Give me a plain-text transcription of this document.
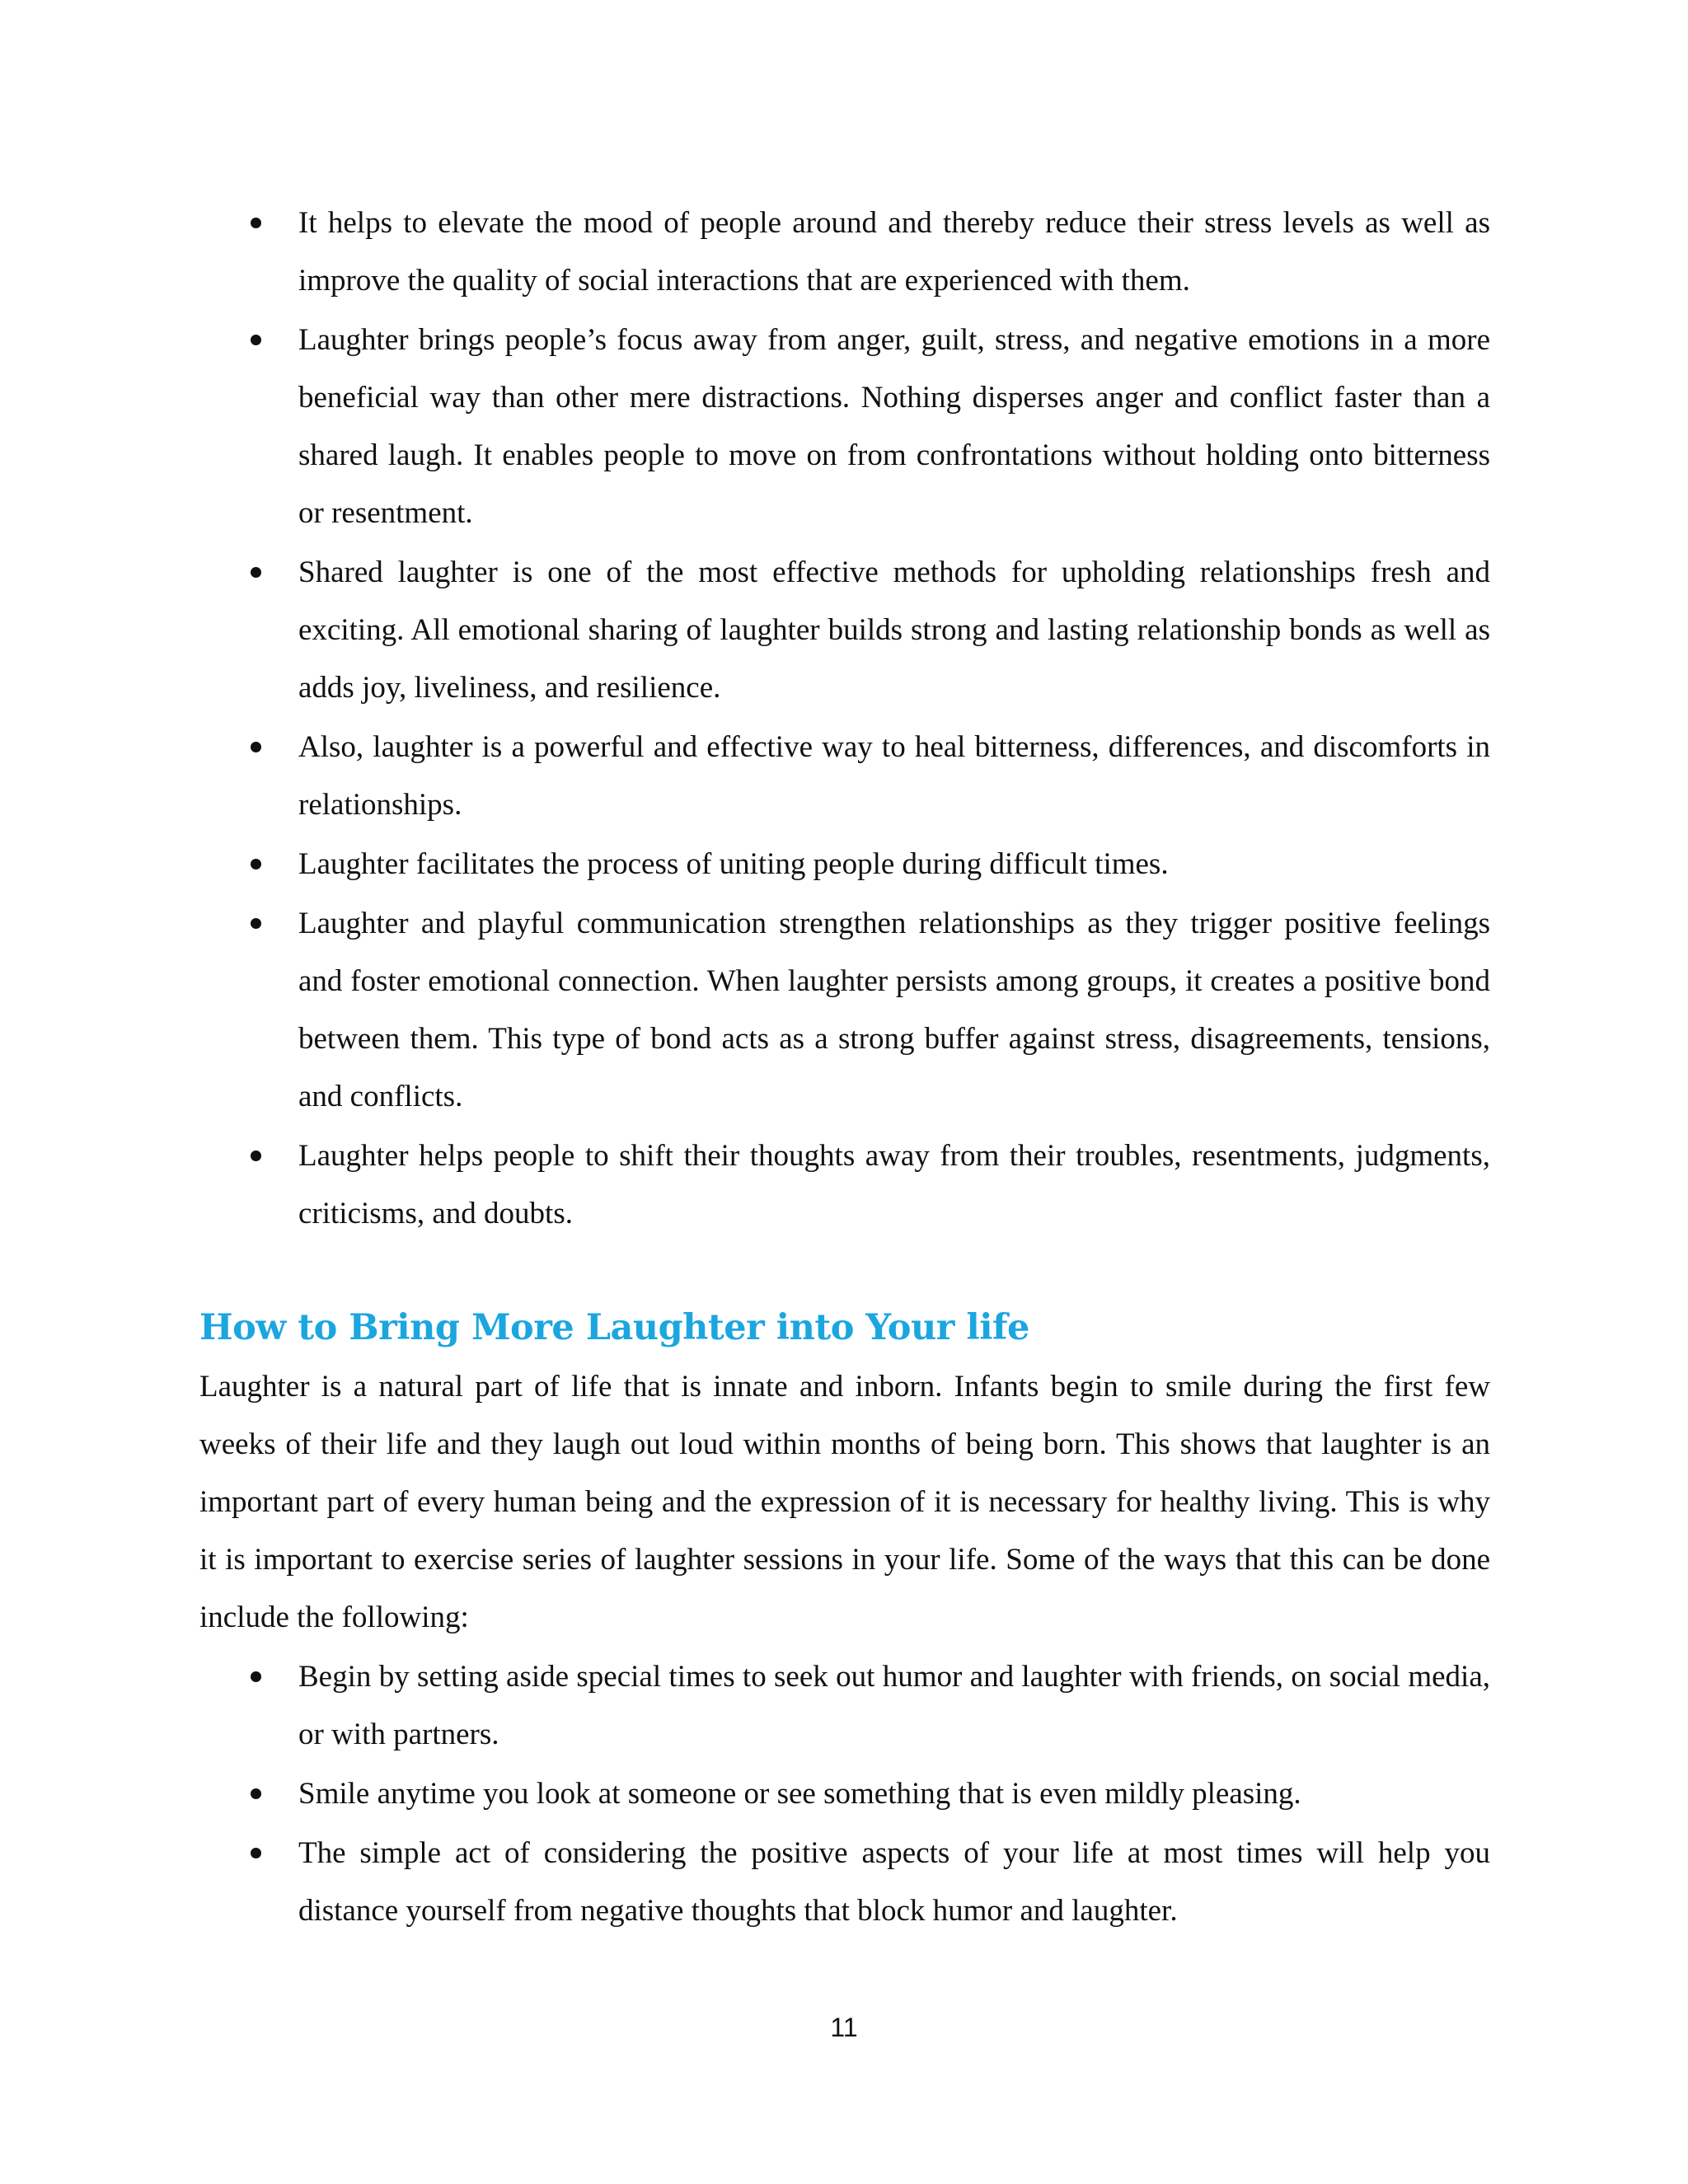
It helps to elevate the mood of people around and thereby reduce their stress levels as well as improve the quality of social interactions that are experienced with them.
Laughter brings people’s focus away from anger, guilt, stress, and negative emotions in a more beneficial way than other mere distractions. Nothing disperses anger and conflict faster than a shared laugh. It enables people to move on from confrontations without holding onto bitterness or resentment.
Shared laughter is one of the most effective methods for upholding relationships fresh and exciting. All emotional sharing of laughter builds strong and lasting relationship bonds as well as adds joy, liveliness, and resilience.
Also, laughter is a powerful and effective way to heal bitterness, differences, and discomforts in relationships.
Laughter facilitates the process of uniting people during difficult times.
Laughter and playful communication strengthen relationships as they trigger positive feelings and foster emotional connection. When laughter persists among groups, it creates a positive bond between them. This type of bond acts as a strong buffer against stress, disagreements, tensions, and conflicts.
Laughter helps people to shift their thoughts away from their troubles, resentments, judgments, criticisms, and doubts.
How to Bring More Laughter into Your life

Laughter is a natural part of life that is innate and inborn. Infants begin to smile during the first few weeks of their life and they laugh out loud within months of being born. This shows that laughter is an important part of every human being and the expression of it is necessary for healthy living. This is why it is important to exercise series of laughter sessions in your life. Some of the ways that this can be done include the following:

Begin by setting aside special times to seek out humor and laughter with friends, on social media, or with partners.
Smile anytime you look at someone or see something that is even mildly pleasing.
The simple act of considering the positive aspects of your life at most times will help you distance yourself from negative thoughts that block humor and laughter.
11
